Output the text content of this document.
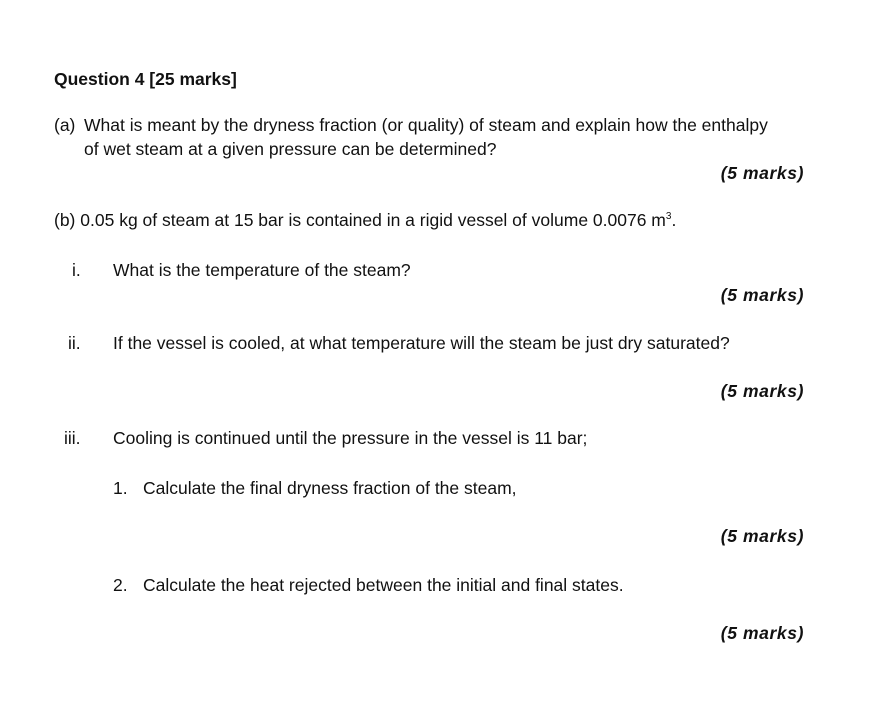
Question 4 [25 marks]
(a) What is meant by the dryness fraction (or quality) of steam and explain how the enthalpy
of wet steam at a given pressure can be determined?
(5 marks)
(b) 0.05 kg of steam at 15 bar is contained in a rigid vessel of volume 0.0076 $m^3$.
i. What is the temperature of the steam?
(5 marks)
ii. If the vessel is cooled, at what temperature will the steam be just dry saturated?
(5 marks)
iii. Cooling is continued until the pressure in the vessel is 11 bar;
1. Calculate the final dryness fraction of the steam,
(5 marks)
2. Calculate the heat rejected between the initial and final states.
(5 marks)
